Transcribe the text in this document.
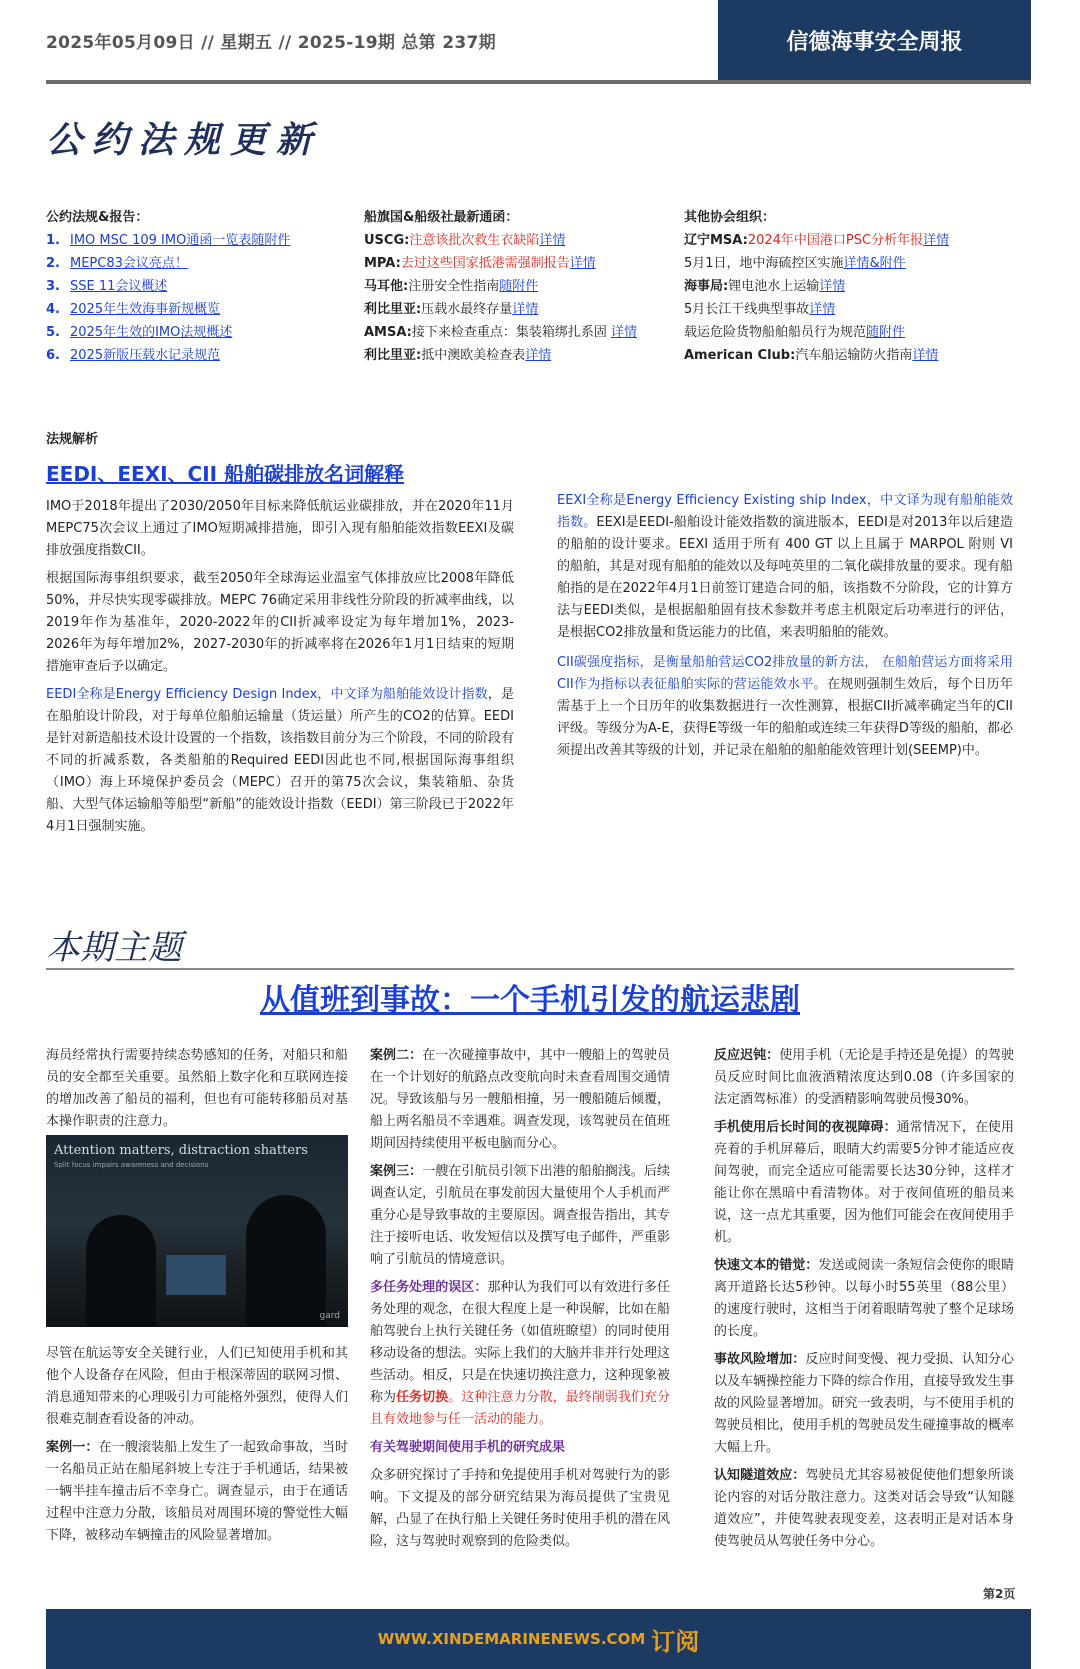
2025年05月09日 // 星期五 // 2025-19期 总第 237期	信德海事安全周报
公约法规更新
公约法规&报告：
1. IMO MSC 109 IMO通函一览表随附件
2. MEPC83会议亮点！
3. SSE 11会议概述
4. 2025年生效海事新规概览
5. 2025年生效的IMO法规概述
6. 2025新版压载水记录规范
船旗国&船级社最新通函：
USCG:注意该批次救生衣缺陷详情
MPA:去过这些国家抵港需强制报告详情
马耳他:注册安全性指南随附件
利比里亚:压载水最终存量详情
AMSA:接下来检查重点：集装箱绑扎系固 详情
利比里亚:抵中澳欧美检查表详情
其他协会组织：
辽宁MSA:2024年中国港口PSC分析年报详情
5月1日，地中海硫控区实施详情&附件
海事局:锂电池水上运输详情
5月长江干线典型事故详情
载运危险货物船舶船员行为规范随附件
American Club:汽车船运输防火指南详情
法规解析
EEDI、EEXI、CII 船舶碳排放名词解释

IMO于2018年提出了2030/2050年目标来降低航运业碳排放，并在2020年11月MEPC75次会议上通过了IMO短期减排措施，即引入现有船舶能效指数EEXI及碳排放强度指数CII。

根据国际海事组织要求，截至2050年全球海运业温室气体排放应比2008年降低50%，并尽快实现零碳排放。MEPC 76确定采用非线性分阶段的折减率曲线，以2019年作为基准年，2020-2022年的CII折减率设定为每年增加1%，2023-2026年为每年增加2%，2027-2030年的折减率将在2026年1月1日结束的短期措施审查后予以确定。

EEDI全称是Energy Efficiency Design Index，中文译为船舶能效设计指数，是在船舶设计阶段，对于每单位船舶运输量（货运量）所产生的CO2的估算。EEDI是针对新造船技术设计设置的一个指数，该指数目前分为三个阶段，不同的阶段有不同的折减系数，各类船舶的Required EEDI因此也不同,根据国际海事组织（IMO）海上环境保护委员会（MEPC）召开的第75次会议，集装箱船、杂货船、大型气体运输船等船型“新船”的能效设计指数（EEDI）第三阶段已于2022年4月1日强制实施。

EEXI全称是Energy Efficiency Existing ship Index，中文译为现有船舶能效指数。EEXI是EEDI-船舶设计能效指数的演进版本，EEDI是对2013年以后建造的船舶的设计要求。EEXI 适用于所有 400 GT 以上且属于 MARPOL 附则 VI 的船舶，其是对现有船舶的能效以及每吨英里的二氧化碳排放量的要求。现有船舶指的是在2022年4月1日前签订建造合同的船，该指数不分阶段，它的计算方法与EEDI类似，是根据船舶固有技术参数并考虑主机限定后功率进行的评估，是根据CO2排放量和货运能力的比值，来表明船舶的能效。

CII碳强度指标，是衡量船舶营运CO2排放量的新方法， 在船舶营运方面将采用CII作为指标以表征船舶实际的营运能效水平。在规则强制生效后，每个日历年需基于上一个日历年的收集数据进行一次性测算，根据CII折减率确定当年的CII评级。等级分为A-E，获得E等级一年的船舶或连续三年获得D等级的船舶，都必须提出改善其等级的计划，并记录在船舶的船舶能效管理计划(SEEMP)中。

本期主题
从值班到事故：一个手机引发的航运悲剧

海员经常执行需要持续态势感知的任务，对船只和船员的安全都至关重要。虽然船上数字化和互联网连接的增加改善了船员的福利，但也有可能转移船员对基本操作职责的注意力。

Attention matters, distraction shatters
Split focus impairs awareness and decisions
gard

尽管在航运等安全关键行业，人们已知使用手机和其他个人设备存在风险，但由于根深蒂固的联网习惯、消息通知带来的心理吸引力可能格外强烈，使得人们很难克制查看设备的冲动。

案例一：在一艘滚装船上发生了一起致命事故，当时一名船员正站在船尾斜坡上专注于手机通话，结果被一辆半挂车撞击后不幸身亡。调查显示，由于在通话过程中注意力分散，该船员对周围环境的警觉性大幅下降，被移动车辆撞击的风险显著增加。

案例二：在一次碰撞事故中，其中一艘船上的驾驶员在一个计划好的航路点改变航向时未查看周围交通情况。导致该船与另一艘船相撞，另一艘船随后倾覆，船上两名船员不幸遇难。调查发现，该驾驶员在值班期间因持续使用平板电脑而分心。

案例三：一艘在引航员引领下出港的船舶搁浅。后续调查认定，引航员在事发前因大量使用个人手机而严重分心是导致事故的主要原因。调查报告指出，其专注于接听电话、收发短信以及撰写电子邮件，严重影响了引航员的情境意识。

多任务处理的误区：那种认为我们可以有效进行多任务处理的观念，在很大程度上是一种误解，比如在船舶驾驶台上执行关键任务（如值班瞭望）的同时使用移动设备的想法。实际上我们的大脑并非并行处理这些活动。相反，只是在快速切换注意力，这种现象被称为任务切换。这种注意力分散，最终削弱我们充分且有效地参与任一活动的能力。

有关驾驶期间使用手机的研究成果

众多研究探讨了手持和免提使用手机对驾驶行为的影响。下文提及的部分研究结果为海员提供了宝贵见解，凸显了在执行船上关键任务时使用手机的潜在风险，这与驾驶时观察到的危险类似。

反应迟钝：使用手机（无论是手持还是免提）的驾驶员反应时间比血液酒精浓度达到0.08（许多国家的法定酒驾标准）的受酒精影响驾驶员慢30%。

手机使用后长时间的夜视障碍：通常情况下，在使用亮着的手机屏幕后，眼睛大约需要5分钟才能适应夜间驾驶，而完全适应可能需要长达30分钟，这样才能让你在黑暗中看清物体。对于夜间值班的船员来说，这一点尤其重要，因为他们可能会在夜间使用手机。

快速文本的错觉：发送或阅读一条短信会使你的眼睛离开道路长达5秒钟。以每小时55英里（88公里）的速度行驶时，这相当于闭着眼睛驾驶了整个足球场的长度。

事故风险增加：反应时间变慢、视力受损、认知分心以及车辆操控能力下降的综合作用，直接导致发生事故的风险显著增加。研究一致表明，与不使用手机的驾驶员相比，使用手机的驾驶员发生碰撞事故的概率大幅上升。

认知隧道效应：驾驶员尤其容易被促使他们想象所谈论内容的对话分散注意力。这类对话会导致“认知隧道效应”，并使驾驶表现变差，这表明正是对话本身使驾驶员从驾驶任务中分心。

第2页
WWW.XINDEMARINENEWS.COM 订阅
